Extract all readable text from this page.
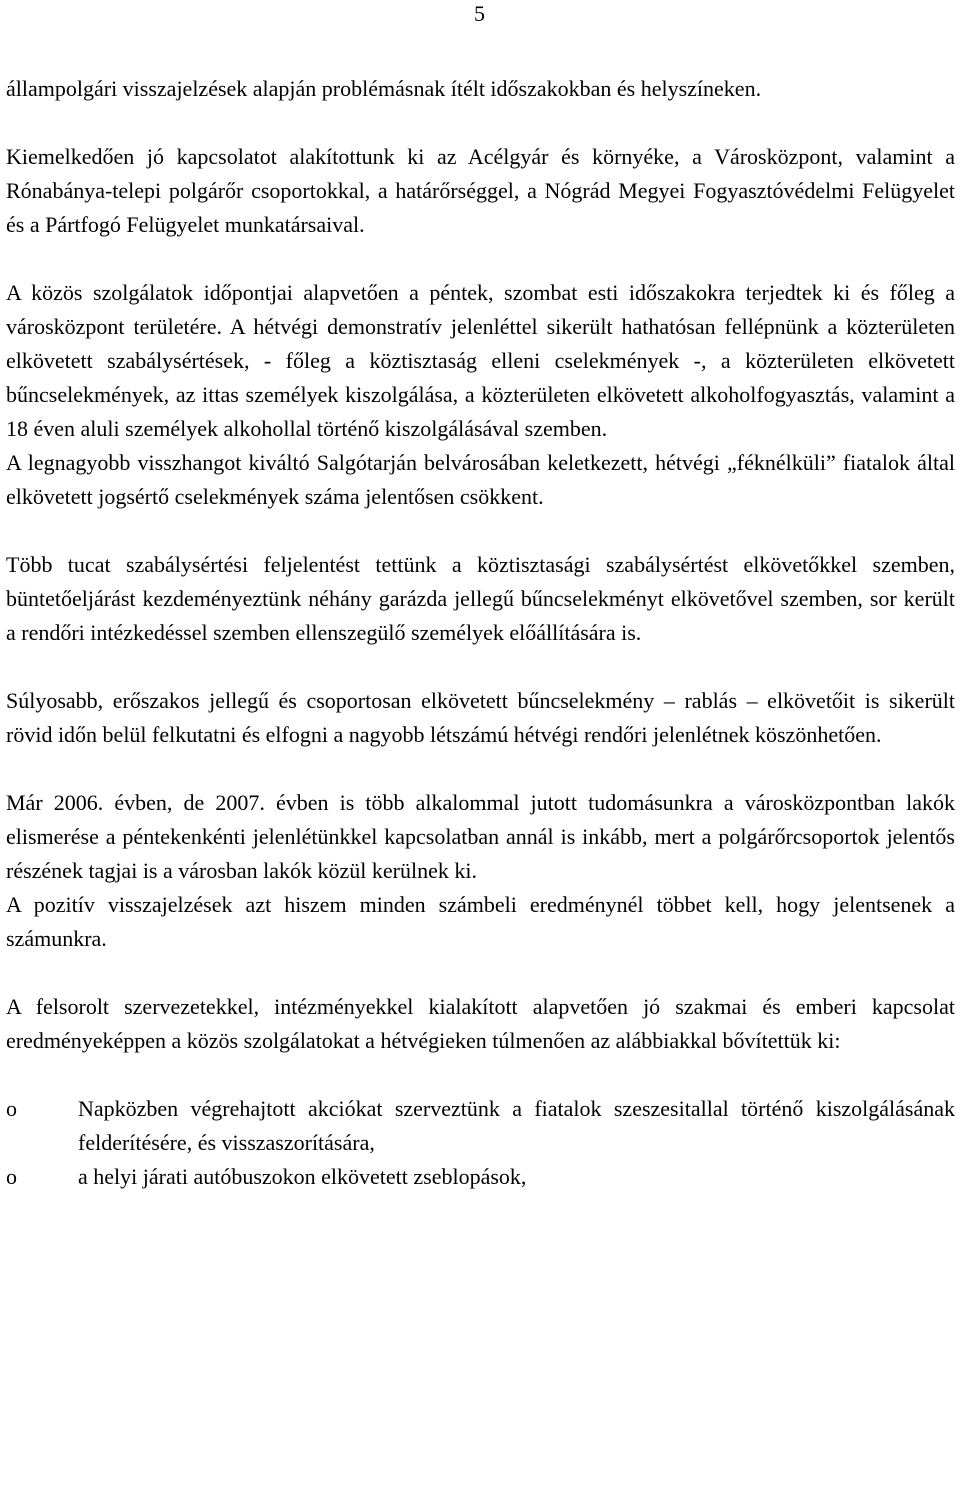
5

állampolgári visszajelzések alapján problémásnak ítélt időszakokban és helyszíneken.

Kiemelkedően jó kapcsolatot alakítottunk ki az Acélgyár és környéke, a Városközpont, valamint a Rónabánya-telepi polgárőr csoportokkal, a határőrséggel, a Nógrád Megyei Fogyasztóvédelmi Felügyelet és a Pártfogó Felügyelet munkatársaival.

A közös szolgálatok időpontjai alapvetően a péntek, szombat esti időszakokra terjedtek ki és főleg a városközpont területére. A hétvégi demonstratív jelenléttel sikerült hathatósan fellépnünk a közterületen elkövetett szabálysértések, - főleg a köztisztaság elleni cselekmények -, a közterületen elkövetett bűncselekmények, az ittas személyek kiszolgálása, a közterületen elkövetett alkoholfogyasztás, valamint a 18 éven aluli személyek alkohollal történő kiszolgálásával szemben.

A legnagyobb visszhangot kiváltó Salgótarján belvárosában keletkezett, hétvégi „féknélküli” fiatalok által elkövetett jogsértő cselekmények száma jelentősen csökkent.

Több tucat szabálysértési feljelentést tettünk a köztisztasági szabálysértést elkövetőkkel szemben, büntetőeljárást kezdeményeztünk néhány garázda jellegű bűncselekményt elkövetővel szemben, sor került a rendőri intézkedéssel szemben ellenszegülő személyek előállítására is.

Súlyosabb, erőszakos jellegű és csoportosan elkövetett bűncselekmény – rablás – elkövetőit is sikerült rövid időn belül felkutatni és elfogni a nagyobb létszámú hétvégi rendőri jelenlétnek köszönhetően.

Már 2006. évben, de 2007. évben is több alkalommal jutott tudomásunkra a városközpontban lakók elismerése a péntekenkénti jelenlétünkkel kapcsolatban annál is inkább, mert a polgárőrcsoportok jelentős részének tagjai is a városban lakók közül kerülnek ki.

A pozitív visszajelzések azt hiszem minden számbeli eredménynél többet kell, hogy jelentsenek a számunkra.

A felsorolt szervezetekkel, intézményekkel kialakított alapvetően jó szakmai és emberi kapcsolat eredményeképpen a közös szolgálatokat a hétvégieken túlmenően az alábbiakkal bővítettük ki:

o	Napközben végrehajtott akciókat szerveztünk a fiatalok szeszesitallal történő kiszolgálásának felderítésére, és visszaszorítására,
o	a helyi járati autóbuszokon elkövetett zseblopások,
